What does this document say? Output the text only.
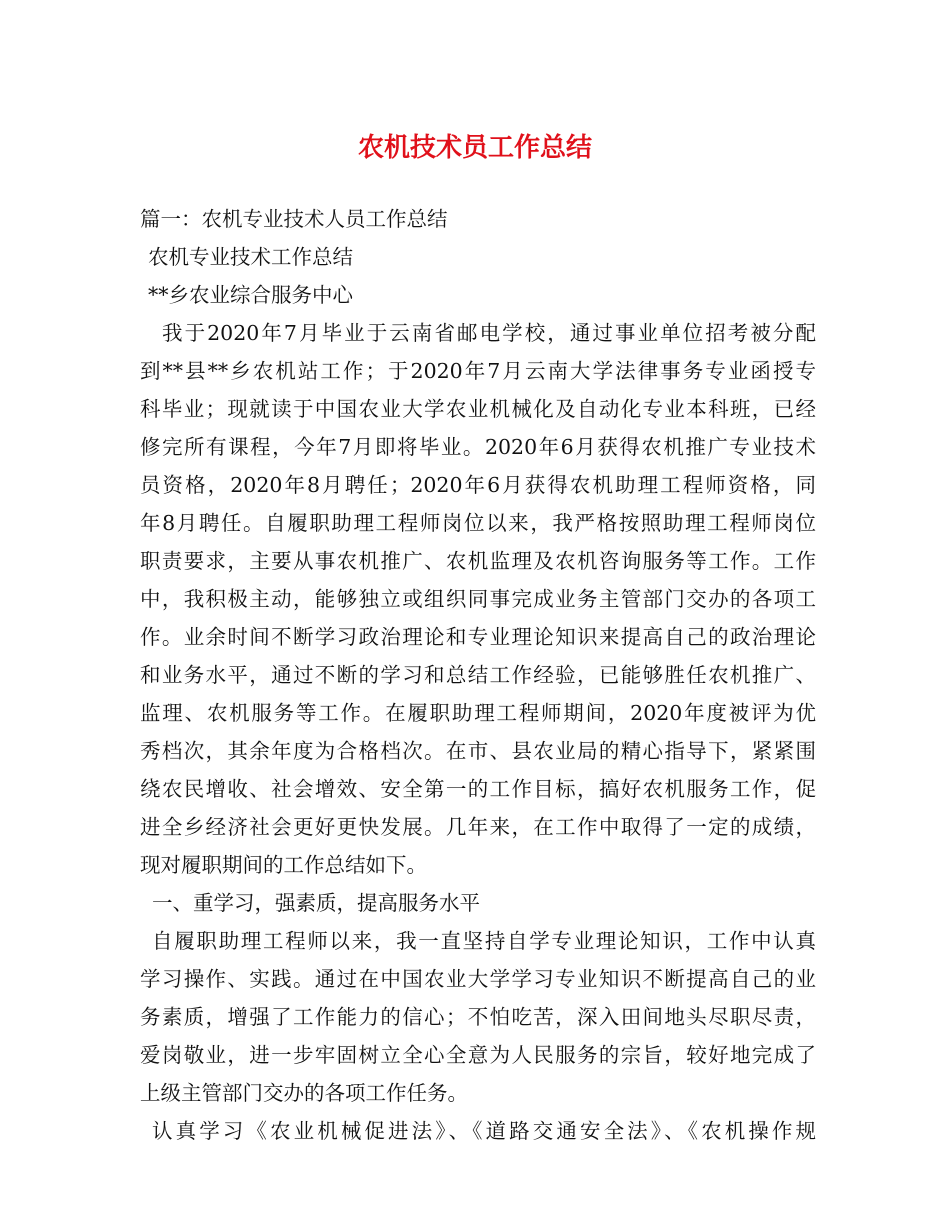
农机技术员工作总结
篇一：农机专业技术人员工作总结
农机专业技术工作总结
**乡农业综合服务中心
我于2020年7月毕业于云南省邮电学校，通过事业单位招考被分配
到**县**乡农机站工作；于2020年7月云南大学法律事务专业函授专
科毕业；现就读于中国农业大学农业机械化及自动化专业本科班，已经
修完所有课程，今年7月即将毕业。2020年6月获得农机推广专业技术
员资格，2020年8月聘任；2020年6月获得农机助理工程师资格，同
年8月聘任。自履职助理工程师岗位以来，我严格按照助理工程师岗位
职责要求，主要从事农机推广、农机监理及农机咨询服务等工作。工作
中，我积极主动，能够独立或组织同事完成业务主管部门交办的各项工
作。业余时间不断学习政治理论和专业理论知识来提高自己的政治理论
和业务水平，通过不断的学习和总结工作经验，已能够胜任农机推广、
监理、农机服务等工作。在履职助理工程师期间，2020年度被评为优
秀档次，其余年度为合格档次。在市、县农业局的精心指导下，紧紧围
绕农民增收、社会增效、安全第一的工作目标，搞好农机服务工作，促
进全乡经济社会更好更快发展。几年来，在工作中取得了一定的成绩，
现对履职期间的工作总结如下。
一、重学习，强素质，提高服务水平
自履职助理工程师以来，我一直坚持自学专业理论知识，工作中认真
学习操作、实践。通过在中国农业大学学习专业知识不断提高自己的业
务素质，增强了工作能力的信心；不怕吃苦，深入田间地头尽职尽责，
爱岗敬业，进一步牢固树立全心全意为人民服务的宗旨，较好地完成了
上级主管部门交办的各项工作任务。
认真学习《农业机械促进法》、《道路交通安全法》、《农机操作规
